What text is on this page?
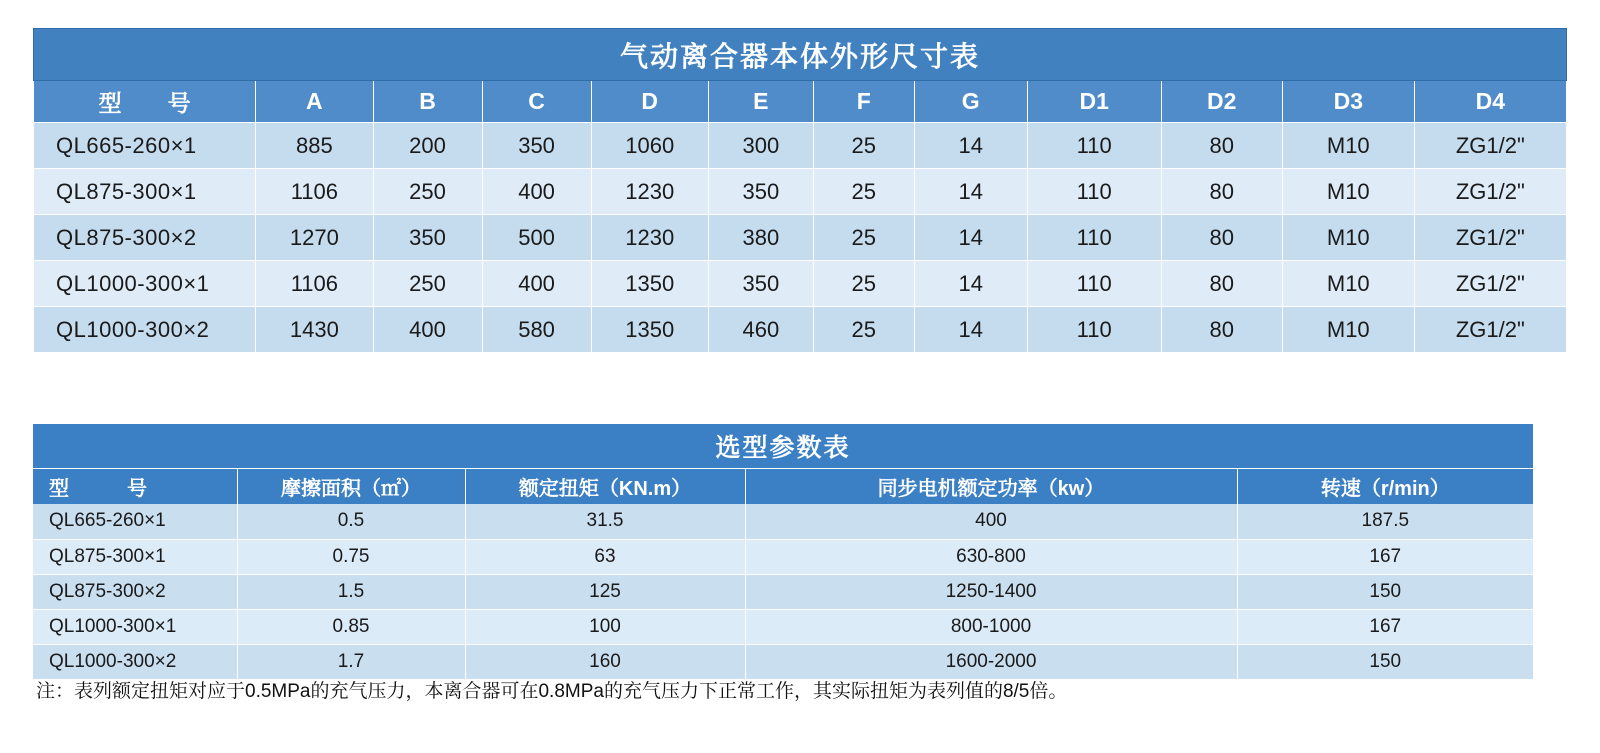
气动离合器本体外形尺寸表											
型 号	A	B	C	D	E	F	G	D1	D2	D3	D4
QL665-260×1	885	200	350	1060	300	25	14	110	80	M10	ZG1/2"
QL875-300×1	1106	250	400	1230	350	25	14	110	80	M10	ZG1/2"
QL875-300×2	1270	350	500	1230	380	25	14	110	80	M10	ZG1/2"
QL1000-300×1	1106	250	400	1350	350	25	14	110	80	M10	ZG1/2"
QL1000-300×2	1430	400	580	1350	460	25	14	110	80	M10	ZG1/2"
选型参数表				
型 号	摩擦面积（㎡）	额定扭矩（KN.m）	同步电机额定功率（kw）	转速（r/min）
QL665-260×1	0.5	31.5	400	187.5
QL875-300×1	0.75	63	630-800	167
QL875-300×2	1.5	125	1250-1400	150
QL1000-300×1	0.85	100	800-1000	167
QL1000-300×2	1.7	160	1600-2000	150
注：表列额定扭矩对应于0.5MPa的充气压力，本离合器可在0.8MPa的充气压力下正常工作，其实际扭矩为表列值的8/5倍。
